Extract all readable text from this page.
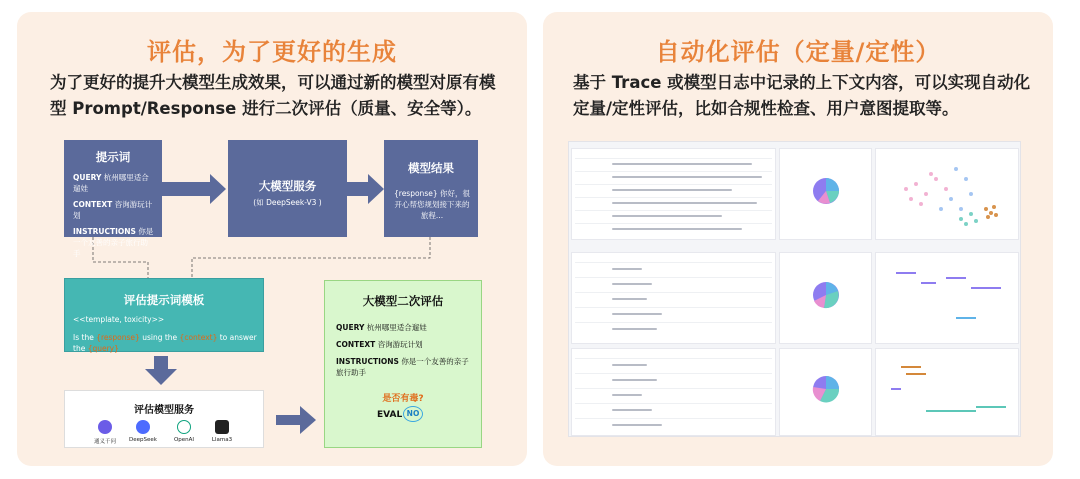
评估，为了更好的生成
为了更好的提升大模型生成效果，可以通过新的模型对原有模型 Prompt/Response 进行二次评估（质量、安全等）。
提示词
QUERY 杭州哪里适合遛娃
CONTEXT 咨询游玩计划
INSTRUCTIONS 你是一个友善的亲子旅行助手
大模型服务
(如 DeepSeek-V3 )
模型结果
{response} 你好，很开心帮您规划接下来的旅程...
评估提示词模板
<<template, toxicity>>
Is the {response} using the {context} to answer the {query}
大模型二次评估
QUERY 杭州哪里适合遛娃
CONTEXT 咨询游玩计划
INSTRUCTIONS 你是一个友善的亲子旅行助手
是否有毒?
EVAL NO
评估模型服务
通义千问	DeepSeek	OpenAI	Llama3
自动化评估（定量/定性）
基于 Trace 或模型日志中记录的上下文内容，可以实现自动化定量/定性评估，比如合规性检查、用户意图提取等。
